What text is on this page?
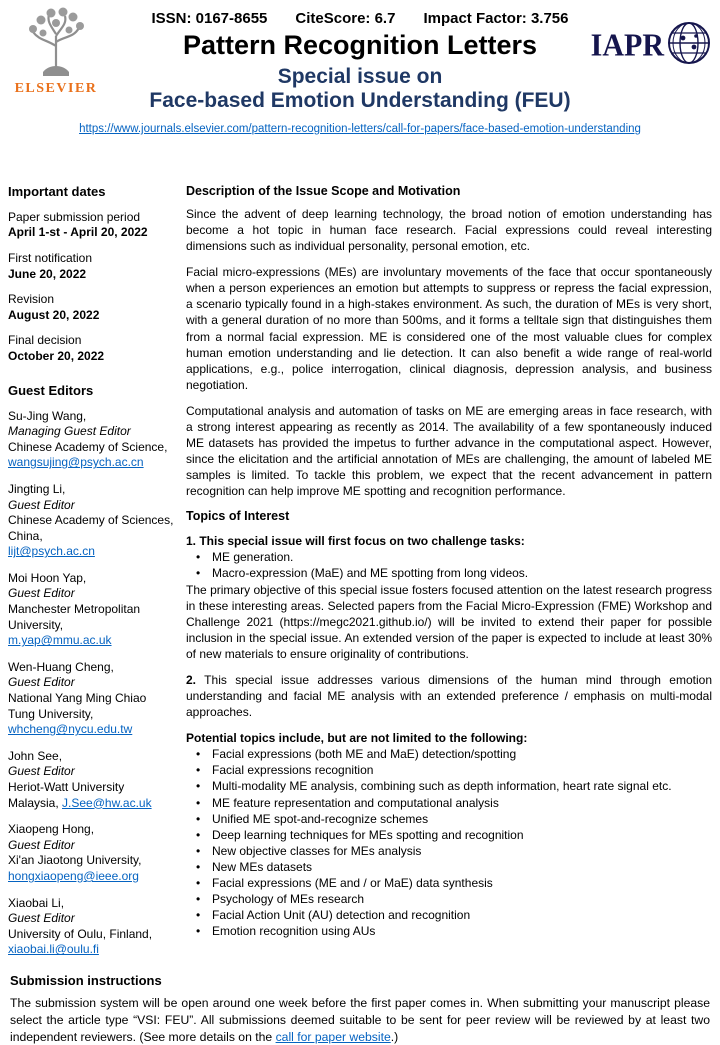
ELSEVIER
IAPR
ISSN: 0167-8655 CiteScore: 6.7 Impact Factor: 3.756
Pattern Recognition Letters
Special issue on
Face-based Emotion Understanding (FEU)
https://www.journals.elsevier.com/pattern-recognition-letters/call-for-papers/face-based-emotion-understanding
Important dates
Paper submission period
April 1-st - April 20, 2022
First notification
June 20, 2022
Revision
August 20, 2022
Final decision
October 20, 2022
Guest Editors
Su-Jing Wang,
Managing Guest Editor
Chinese Academy of Science,
wangsujing@psych.ac.cn
Jingting Li,
Guest Editor
Chinese Academy of Sciences, China,
lijt@psych.ac.cn
Moi Hoon Yap,
Guest Editor
Manchester Metropolitan University,
m.yap@mmu.ac.uk
Wen-Huang Cheng,
Guest Editor
National Yang Ming Chiao Tung University,
whcheng@nycu.edu.tw
John See,
Guest Editor
Heriot-Watt University Malaysia, J.See@hw.ac.uk
Xiaopeng Hong,
Guest Editor
Xi'an Jiaotong University,
hongxiaopeng@ieee.org
Xiaobai Li,
Guest Editor
University of Oulu, Finland,
xiaobai.li@oulu.fi
Description of the Issue Scope and Motivation

Since the advent of deep learning technology, the broad notion of emotion understanding has become a hot topic in human face research. Facial expressions could reveal interesting dimensions such as individual personality, personal emotion, etc.

Facial micro-expressions (MEs) are involuntary movements of the face that occur spontaneously when a person experiences an emotion but attempts to suppress or repress the facial expression, a scenario typically found in a high-stakes environment. As such, the duration of MEs is very short, with a general duration of no more than 500ms, and it forms a telltale sign that distinguishes them from a normal facial expression. ME is considered one of the most valuable clues for complex human emotion understanding and lie detection. It can also benefit a wide range of real-world applications, e.g., police interrogation, clinical diagnosis, depression analysis, and business negotiation.

Computational analysis and automation of tasks on ME are emerging areas in face research, with a strong interest appearing as recently as 2014. The availability of a few spontaneously induced ME datasets has provided the impetus to further advance in the computational aspect. However, since the elicitation and the artificial annotation of MEs are challenging, the amount of labeled ME samples is limited. To tackle this problem, we expect that the recent advancement in pattern recognition can help improve ME spotting and recognition performance.

Topics of Interest
1. This special issue will first focus on two challenge tasks:
• ME generation.
• Macro-expression (MaE) and ME spotting from long videos.

The primary objective of this special issue fosters focused attention on the latest research progress in these interesting areas. Selected papers from the Facial Micro-Expression (FME) Workshop and Challenge 2021 (https://megc2021.github.io/) will be invited to extend their paper for possible inclusion in the special issue. An extended version of the paper is expected to include at least 30% of new materials to ensure originality of contributions.

2. This special issue addresses various dimensions of the human mind through emotion understanding and facial ME analysis with an extended preference / emphasis on multi-modal approaches.

Potential topics include, but are not limited to the following:
• Facial expressions (both ME and MaE) detection/spotting
• Facial expressions recognition
• Multi-modality ME analysis, combining such as depth information, heart rate signal etc.
• ME feature representation and computational analysis
• Unified ME spot-and-recognize schemes
• Deep learning techniques for MEs spotting and recognition
• New objective classes for MEs analysis
• New MEs datasets
• Facial expressions (ME and / or MaE) data synthesis
• Psychology of MEs research
• Facial Action Unit (AU) detection and recognition
• Emotion recognition using AUs
Submission instructions

The submission system will be open around one week before the first paper comes in. When submitting your manuscript please select the article type “VSI: FEU”. All submissions deemed suitable to be sent for peer review will be reviewed by at least two independent reviewers. (See more details on the call for paper website.)
